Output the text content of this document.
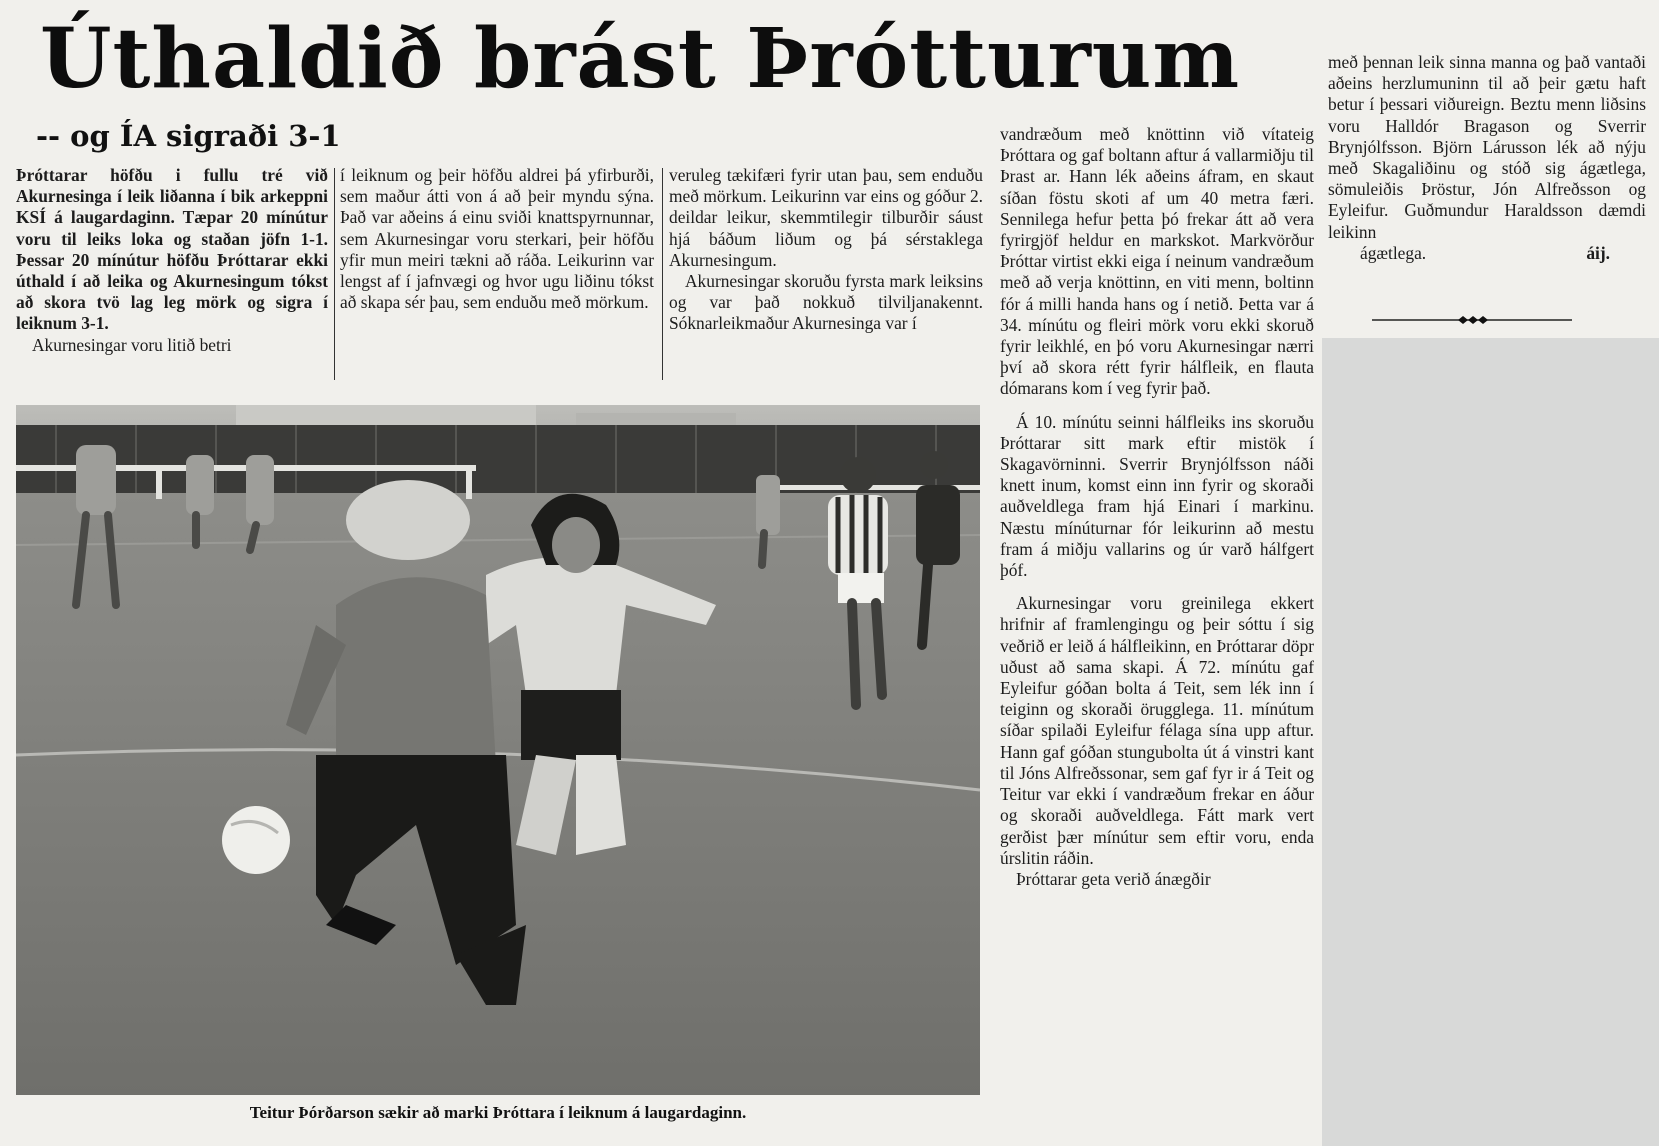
Úthaldið brást Þrótturum
-- og ÍA sigraði 3-1

Þróttarar höfðu i fullu tré við Akurnesinga í leik liðanna í bik arkeppni KSÍ á laugardaginn. Tæpar 20 mínútur voru til leiks loka og staðan jöfn 1-1. Þessar 20 mínútur höfðu Þróttarar ekki úthald í að leika og Akurnesingum tókst að skora tvö lag leg mörk og sigra í leiknum 3-1.

Akurnesingar voru litið betri

í leiknum og þeir höfðu aldrei þá yfirburði, sem maður átti von á að þeir myndu sýna. Það var aðeins á einu sviði knattspyrnunnar, sem Akurnesingar voru sterkari, þeir höfðu yfir mun meiri tækni að ráða. Leikurinn var lengst af í jafnvægi og hvor ugu liðinu tókst að skapa sér þau, sem enduðu með mörkum.

veruleg tækifæri fyrir utan þau, sem enduðu með mörkum. Leikurinn var eins og góður 2. deildar leikur, skemmtilegir tilburðir sáust hjá báðum liðum og þá sérstaklega Akurnesingum.

Akurnesingar skoruðu fyrsta mark leiksins og var það nokkuð tilviljanakennt. Sóknarleikmaður Akurnesinga var í

Teitur Þórðarson sækir að marki Þróttara í leiknum á laugardaginn.

vandræðum með knöttinn við vítateig Þróttara og gaf boltann aftur á vallarmiðju til Þrast ar. Hann lék aðeins áfram, en skaut síðan föstu skoti af um 40 metra færi. Sennilega hefur þetta þó frekar átt að vera fyrirgjöf heldur en markskot. Markvörður Þróttar virtist ekki eiga í neinum vandræðum með að verja knöttinn, en viti menn, boltinn fór á milli handa hans og í netið. Þetta var á 34. mínútu og fleiri mörk voru ekki skoruð fyrir leikhlé, en þó voru Akurnesingar nærri því að skora rétt fyrir hálfleik, en flauta dómarans kom í veg fyrir það.

Á 10. mínútu seinni hálfleiks ins skoruðu Þróttarar sitt mark eftir mistök í Skagavörninni. Sverrir Brynjólfsson náði knett inum, komst einn inn fyrir og skoraði auðveldlega fram hjá Einari í markinu. Næstu mínúturnar fór leikurinn að mestu fram á miðju vallarins og úr varð hálfgert þóf.

Akurnesingar voru greinilega ekkert hrifnir af framlengingu og þeir sóttu í sig veðrið er leið á hálfleikinn, en Þróttarar döpr uðust að sama skapi. Á 72. mínútu gaf Eyleifur góðan bolta á Teit, sem lék inn í teiginn og skoraði örugglega. 11. mínútum síðar spilaði Eyleifur félaga sína upp aftur. Hann gaf góðan stungubolta út á vinstri kant til Jóns Alfreðssonar, sem gaf fyr ir á Teit og Teitur var ekki í vandræðum frekar en áður og skoraði auðveldlega. Fátt mark vert gerðist þær mínútur sem eftir voru, enda úrslitin ráðin.

Þróttarar geta verið ánægðir

með þennan leik sinna manna og það vantaði aðeins herzlumuninn til að þeir gætu haft betur í þessari viðureign. Beztu menn liðsins voru Halldór Bragason og Sverrir Brynjólfsson. Björn Lárusson lék að nýju með Skagaliðinu og stóð sig ágætlega, sömuleiðis Þröstur, Jón Alfreðsson og Eyleifur. Guðmundur Haraldsson dæmdi leikinn

ágætlega.	áij.
